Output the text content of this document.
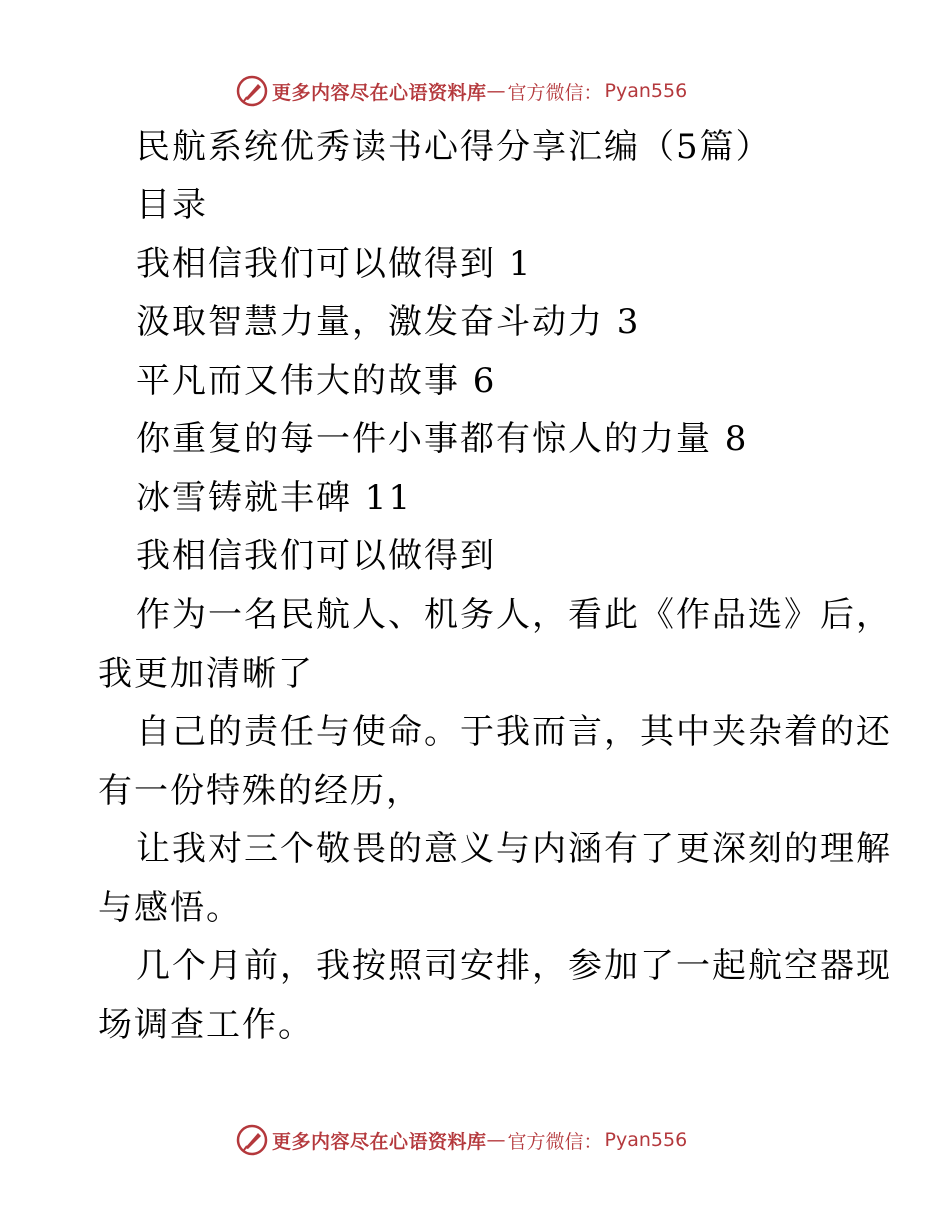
更多内容尽在心语资料库 — 官方微信： Pyan556
民航系统优秀读书心得分享汇编（5篇）
目录
我相信我们可以做得到 1
汲取智慧力量，激发奋斗动力 3
平凡而又伟大的故事 6
你重复的每一件小事都有惊人的力量 8
冰雪铸就丰碑 11
我相信我们可以做得到
作为一名民航人、机务人，看此《作品选》后，
我更加清晰了
自己的责任与使命。于我而言，其中夹杂着的还
有一份特殊的经历，
让我对三个敬畏的意义与内涵有了更深刻的理解
与感悟。
几个月前，我按照司安排，参加了一起航空器现
场调查工作。
更多内容尽在心语资料库 — 官方微信： Pyan556
